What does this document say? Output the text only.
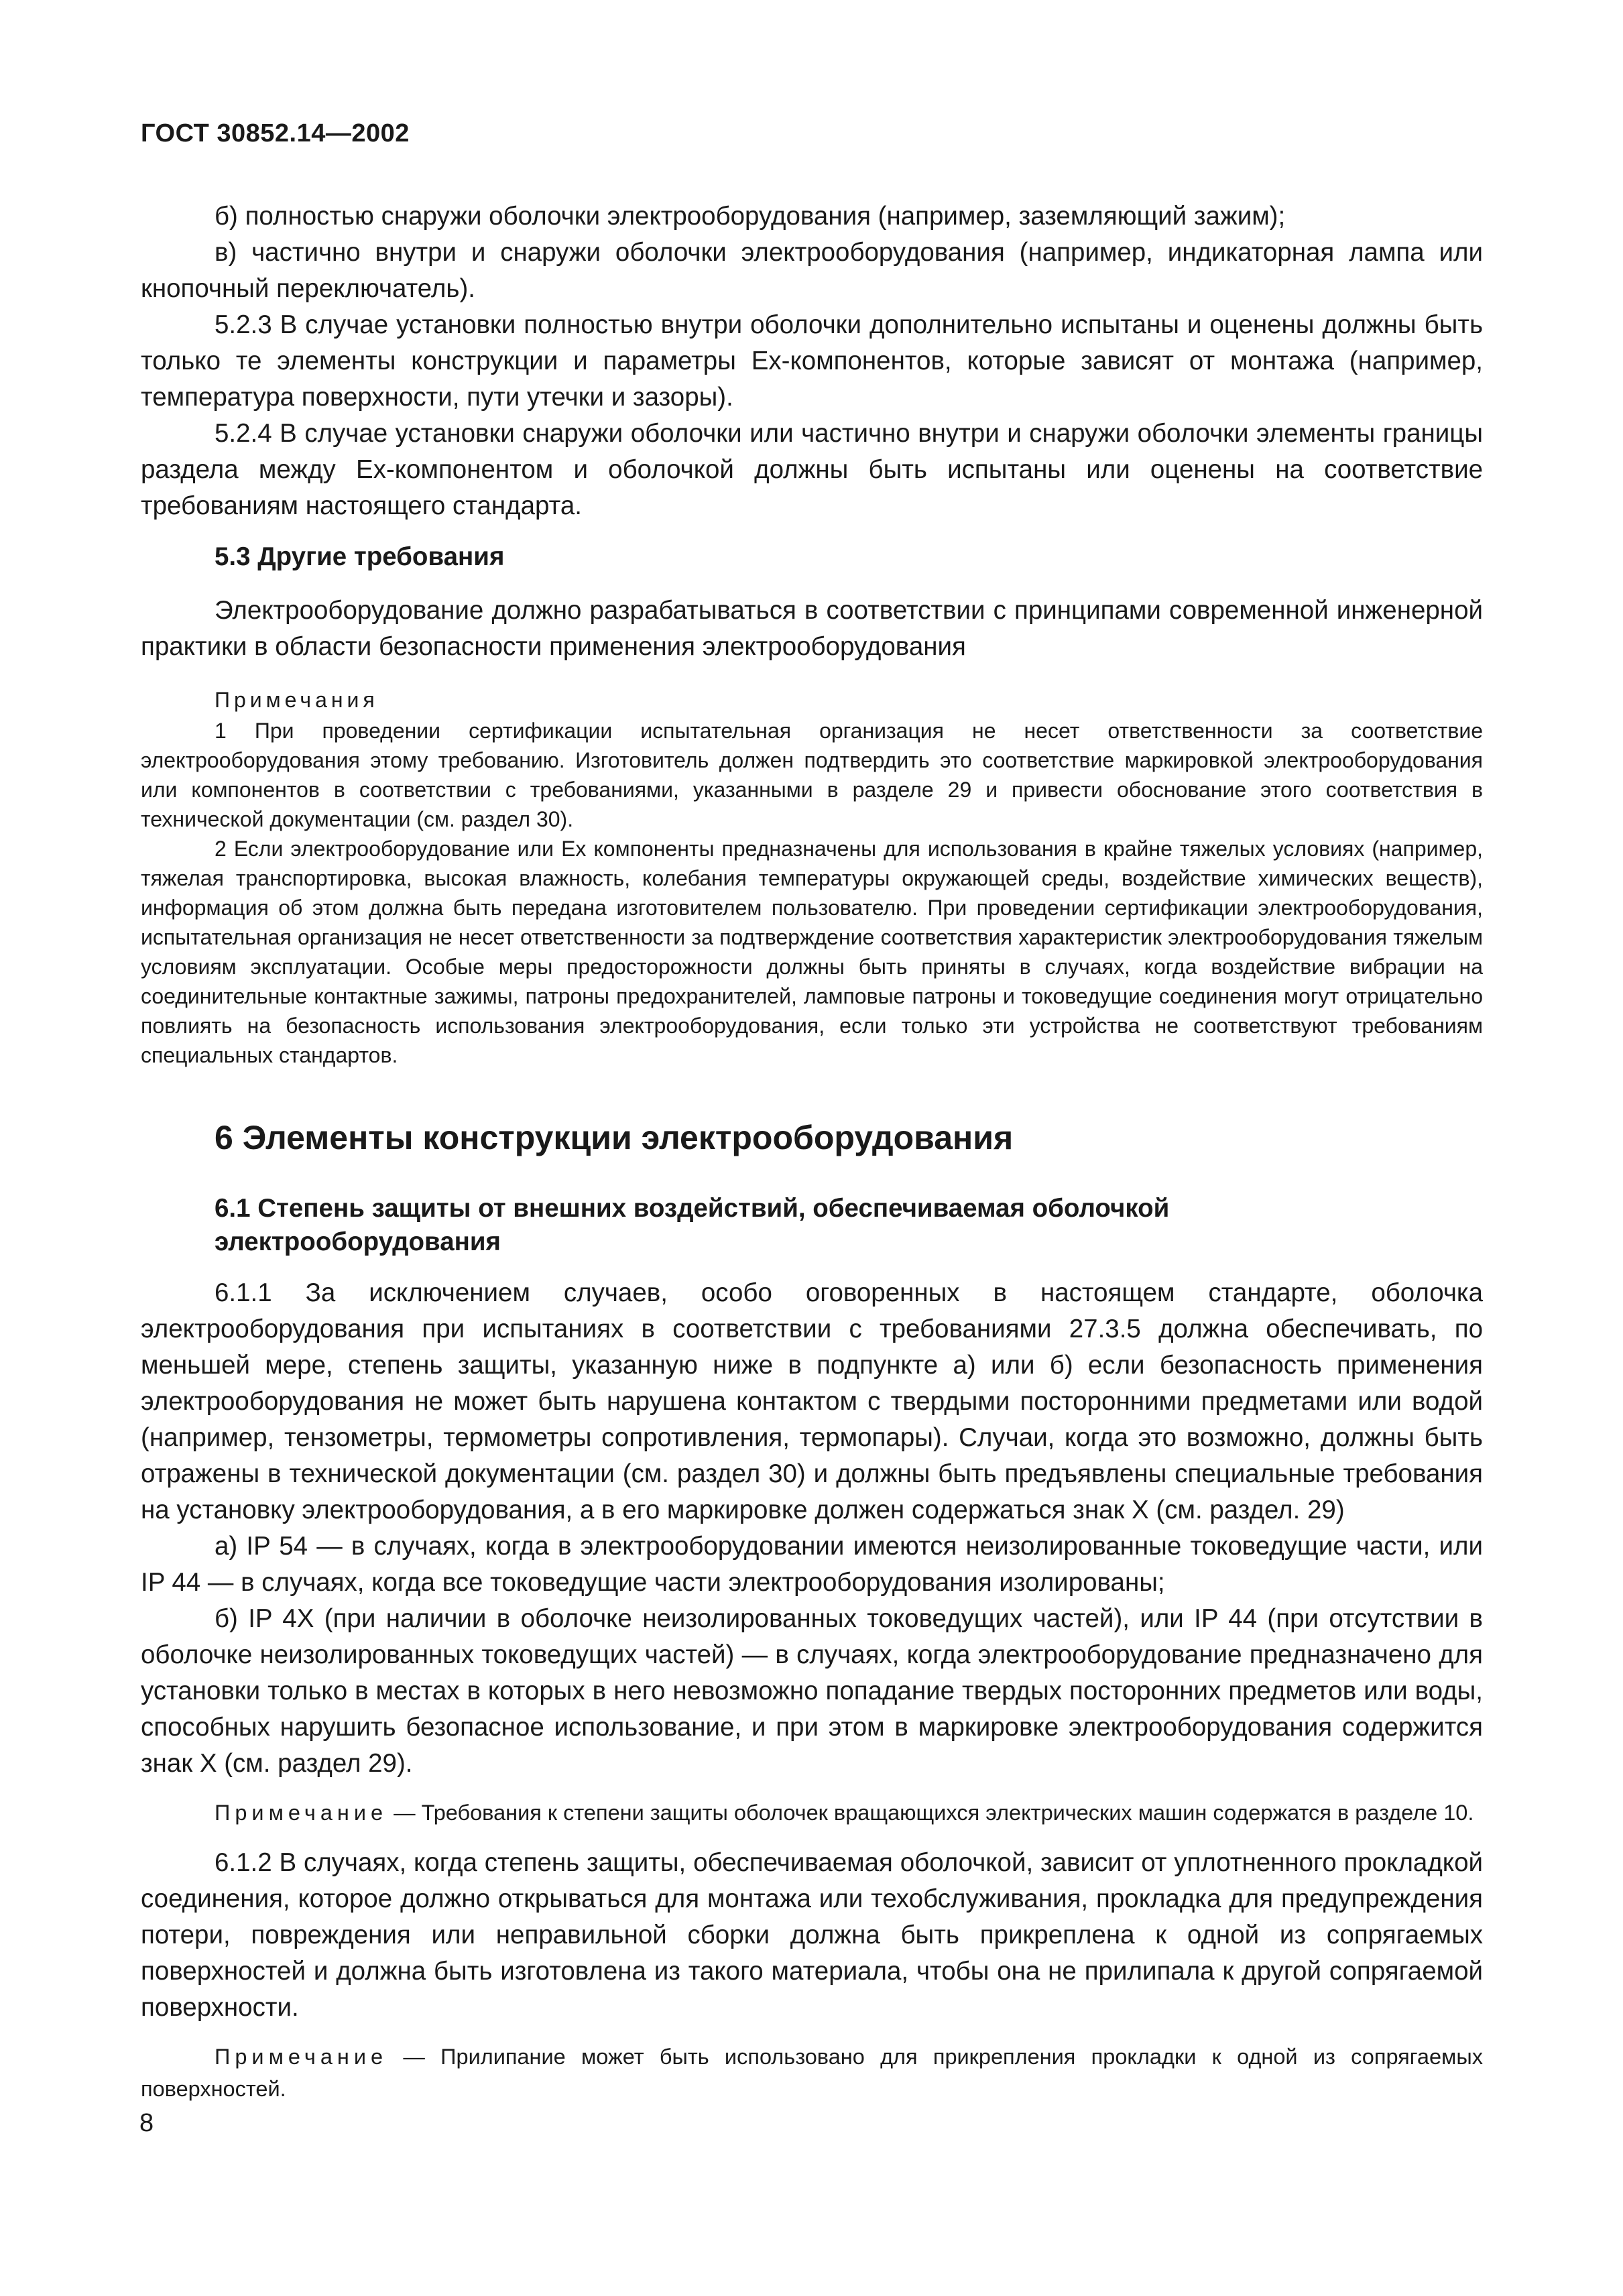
ГОСТ 30852.14—2002

б) полностью снаружи оболочки электрооборудования (например, заземляющий зажим);

в) частично внутри и снаружи оболочки электрооборудования (например, индикаторная лампа или кнопочный переключатель).

5.2.3 В случае установки полностью внутри оболочки дополнительно испытаны и оценены должны быть только те элементы конструкции и параметры Ex-компонентов, которые зависят от монтажа (например, температура поверхности, пути утечки и зазоры).

5.2.4 В случае установки снаружи оболочки или частично внутри и снаружи оболочки элементы границы раздела между Ex-компонентом и оболочкой должны быть испытаны или оценены на соответствие требованиям настоящего стандарта.

5.3 Другие требования

Электрооборудование должно разрабатываться в соответствии с принципами современной инженерной практики в области безопасности применения электрооборудования

Примечания

1 При проведении сертификации испытательная организация не несет ответственности за соответствие электрооборудования этому требованию. Изготовитель должен подтвердить это соответствие маркировкой электрооборудования или компонентов в соответствии с требованиями, указанными в разделе 29 и привести обоснование этого соответствия в технической документации (см. раздел 30).

2 Если электрооборудование или Ex компоненты предназначены для использования в крайне тяжелых условиях (например, тяжелая транспортировка, высокая влажность, колебания температуры окружающей среды, воздействие химических веществ), информация об этом должна быть передана изготовителем пользователю. При проведении сертификации электрооборудования, испытательная организация не несет ответственности за подтверждение соответствия характеристик электрооборудования тяжелым условиям эксплуатации. Особые меры предосторожности должны быть приняты в случаях, когда воздействие вибрации на соединительные контактные зажимы, патроны предохранителей, ламповые патроны и токоведущие соединения могут отрицательно повлиять на безопасность использования электрооборудования, если только эти устройства не соответствуют требованиям специальных стандартов.

6 Элементы конструкции электрооборудования
6.1 Степень защиты от внешних воздействий, обеспечиваемая оболочкой электрооборудования

6.1.1 За исключением случаев, особо оговоренных в настоящем стандарте, оболочка электрооборудования при испытаниях в соответствии с требованиями 27.3.5 должна обеспечивать, по меньшей мере, степень защиты, указанную ниже в подпункте а) или б) если безопасность применения электрооборудования не может быть нарушена контактом с твердыми посторонними предметами или водой (например, тензометры, термометры сопротивления, термопары). Случаи, когда это возможно, должны быть отражены в технической документации (см. раздел 30) и должны быть предъявлены специальные требования на установку электрооборудования, а в его маркировке должен содержаться знак X (см. раздел. 29)

а) IP 54 — в случаях, когда в электрооборудовании имеются неизолированные токоведущие части, или IP 44 — в случаях, когда все токоведущие части электрооборудования изолированы;

б) IP 4X (при наличии в оболочке неизолированных токоведущих частей), или IP 44 (при отсутствии в оболочке неизолированных токоведущих частей) — в случаях, когда электрооборудование предназначено для установки только в местах в которых в него невозможно попадание твердых посторонних предметов или воды, способных нарушить безопасное использование, и при этом в маркировке электрооборудования содержится знак X (см. раздел 29).

Примечание — Требования к степени защиты оболочек вращающихся электрических машин содержатся в разделе 10.

6.1.2 В случаях, когда степень защиты, обеспечиваемая оболочкой, зависит от уплотненного прокладкой соединения, которое должно открываться для монтажа или техобслуживания, прокладка для предупреждения потери, повреждения или неправильной сборки должна быть прикреплена к одной из сопрягаемых поверхностей и должна быть изготовлена из такого материала, чтобы она не прилипала к другой сопрягаемой поверхности.

Примечание — Прилипание может быть использовано для прикрепления прокладки к одной из сопрягаемых поверхностей.

8
